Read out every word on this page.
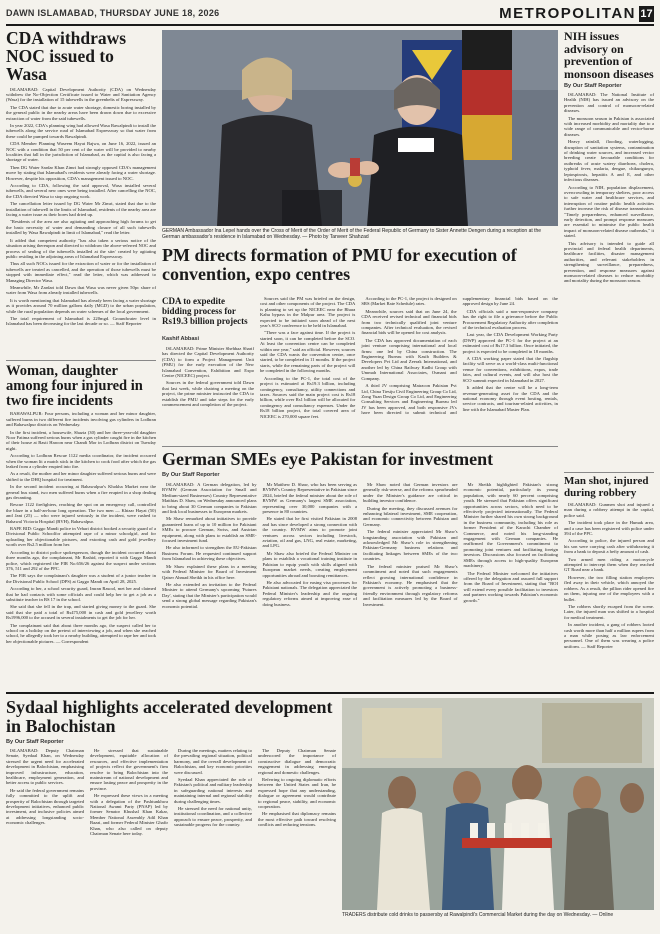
DAWN ISLAMABAD, THURSDAY JUNE 18, 2026	METROPOLITAN 17
CDA withdraws NOC issued to Wasa

ISLAMABAD: Capital Development Authority (CDA) on Wednesday withdrew the No-Objection Certificate issued to Water and Sanitation Agency (Wasa) for the installation of 15 tubewells in the greenbelts of Expressway.

The CDA stated that due to acute water shortage, domestic boring installed by the general public in the nearby areas have been drawn down due to excessive extraction of water from the said tubewells.

In year 2022, CDA's planning wing had allowed Wasa Rawalpindi to install the tubewells along the service road of Islamabad Expressway so that water from these could be pumped towards Rawalpindi.

CDA Member Planning Waseem Hayat Bajwa, on June 16, 2022, issued an NOC with a condition that 50 per cent of the water will be provided to nearby localities that fall in the jurisdiction of Islamabad, as the capital is also facing a shortage of water.

Then DG Water Sardar Khan Zimri had strongly opposed CDA's management move by stating that Islamabad's residents were already facing a water shortage. However, despite his opposition, CDA's management issued to NOC.

According to CDA, following the said approval, Wasa installed several tubewells, and several new ones were being installed. After cancelling the NOC, the CDA directed Wasa to stop ongoing work.

The cancellation letter issued by DG Water Mr Zimri, stated that due to the installation of tubewell in the limits of Islamabad, residents of the nearby area are facing a water issue as their bores had dried up.

"Residents of the area are also agitating and approaching high forums to get the basic necessity of water and demanding closure of all such tubewells installed by Wasa Rawalpindi in limit of Islamabad," read the letter.

It added that competent authority "has also taken a serious notice of the situation arising thereupon and directed to withdraw the above-referred NOC and process of sealing of the tubewells installed at the site/ created by agitating public residing in the adjoining areas of Islamabad Expressway.

Thus all such NOCs issued for the extraction of water or for the installation of tubewells are treated as cancelled, and the operation of those tubewells must be stopped with immediate effect," read the letter, which was addressed to Managing Director Wasa.

Meanwhile, Mr Zardari told Dawn that Wasa was never given 50pc share of water from Wasa from already installed tubewells.

It is worth mentioning that Islamabad has already been facing a water shortage as it provides around 70 million gallons daily (MGD) to the urban population, while the rural population depends on water schemes of the local government.

The total requirement of Islamabad is 220mgd. Groundwater level in Islamabad has been decreasing for the last decade or so. — Staff Reporter

Woman, daughter among four injured in two fire incidents

BAHAWALPUR: Four persons, including a woman and her minor daughter, suffered burns in two different fire incidents involving gas cylinders in Lodhran and Bahawalpur districts on Wednesday.

In the first incident, a housewife, Shazia (30) and her three-year-old daughter Noor Fatima suffered serious burns when a gas cylinder caught fire in the kitchen of their house at Basti Haroon near Chandi Mor in Lodhran district on Tuesday night.

According to Lodhran Rescue 1122 media coordinator, the incident occurred when the woman lit a match stick in the kitchen to cook food after which the gas leaked from a cylinder erupted into fire.

As a result, the mother and her minor daughter suffered serious burns and were shifted to the DHQ hospital for treatment.

In the second incident occurring at Bahawalpur's Khokha Market near the general bus stand, two men suffered burns when a fire erupted in a shop dealing gas decanting.

Rescue 1122 firefighters, reaching the spot on an emergency call, controlled the blaze in a half-an-hour long operation. The two men — Khizar Hayat (50) and Jani (25) — who were injured seriously in the incident, were rushed to Bahawal Victoria Hospital (BVH), Bahawalpur.

RAPE BID: Gaggo Mandi police in Vehari district booked a security guard of a Divisional Public Schoolfor attempted rape of a minor schoolgirl, and for uploading her objectionable pictures, and extorting cash and gold jewellery worth over Rs2.5 million from her.

According to district police spokesperson, though the incident occurred about three months ago, the complainant, Mr Rashid, reported it with Gaggo Mandi police, which registered the FIR No.656/26 against the suspect under sections 376, 511 and 292 of the PPC.

The FIR says the complainant's daughter was a student of a junior teacher in the Divisional Public School (DPS) at Gaggo Mandi on April 28, 2025.

According to her, a school security guard, Imran Rasool, met her and claimed that he had contacts with some officials and could help her to get a job as a substitute teacher in BS 17 in the school.

She said that she fell in the trap, and started giving money to the guard. She said that she paid a total of Rs475,000 in cash and gold jewellery worth Rs1996,000 to the accused in several instalments to get the job for her.

The complainant said that about three months ago, the suspect called her to school on a holiday on the pretext of interviewing a job, and when she reached school, he allegedly took her to a nearby building, attempted to rape her and took her objectionable pictures. — Correspondent

GERMAN Ambassador Ina Lepel hands over the Cross of Merit of the Order of Merit of the Federal Republic of Germany to Sister Annette Dengen during a reception at the German ambassador's residence in Islamabad on Wednesday. — Photo by Tanveer Shahzad
NIH issues advisory on prevention of monsoon diseases
By Our Staff Reporter

ISLAMABAD: The National Institute of Health (NIH) has issued an advisory on the prevention and control of monsoon-related diseases.

The monsoon season in Pakistan is associated with increased morbidity and mortality due to a wide range of communicable and vector-borne diseases.

Heavy rainfall, flooding, waterlogging, disruption of sanitation systems, contamination of drinking water sources, and increased vector breeding create favourable conditions for outbreaks of acute watery diarrhoea, cholera, typhoid fever, malaria, dengue, chikungunya, leptospirosis, hepatitis A and E, and other infectious diseases.

According to NIH, population displacement, overcrowding in temporary shelters, poor access to safe water and healthcare services, and interruption of routine public health activities further increase the risk of disease transmission. "Timely preparedness, enhanced surveillance, early detection, and prompt response measures are essential to minimise the public health impact of monsoon-related disease outbreaks," it stated.

This advisory is intended to guide all provincial and federal health departments, healthcare facilities, disaster management authorities, and relevant stakeholders in strengthening surveillance, preparedness, prevention, and response measures against monsoon-related diseases to reduce morbidity and mortality during the monsoon season.

Man shot, injured during robbery

ISLAMABAD: Gunmen shot and injured a man during a robbery attempt in the capital, police said.

The incident took place in the Humak area, and a case has been registered with police under 394 of the PPC.

According to police, the injured person and his son were carrying cash after withdrawing it from a bank to deposit a hefty amount of cash.

Two armed men riding a motorcycle attempted to intercept them when they reached GT Road near a bank.

However, the two filling station employees fled away in their vehicle, which annoyed the robbers. As a result, the pillion rider opened fire on them, injuring one of the employees with a bullet.

The robbers shortly escaped from the scene. Later, the injured man was shifted to a hospital for medical treatment.

In another incident, a gang of robbers looted cash worth more than half a million rupees from a man while posing as law enforcement personnel. One of them was wearing a police uniform. — Staff Reporter

PM directs formation of PMU for execution of convention, expo centres
CDA to expedite bidding process for Rs19.3 billion projects
Kashif Abbasi

ISLAMABAD: Prime Minister Shehbaz Sharif has directed the Capital Development Authority (CDA) to form a Project Management Unit (PMU) for the early execution of the New Islamabad Convention, Exhibition and Expo Centre (NICEEC) project.

Sources in the federal government told Dawn that last week, while chairing a meeting on the project, the prime minister instructed the CDA to establish the PMU and take steps for the early commencement and completion of the project.

Sources said the PM was briefed on the design, cost and other components of the project. The CDA is planning to set up the NICEEC near the Bhara Kahu bypass in the Malpur area. The project is expected to be initiated soon ahead of the next year's SCO conference to be held in Islamabad.

"There was a face against time. If the project is started soon, it can be completed before the SCO. At least the convention centre can be completed within one year," said an official. However, sources said the CDA wants the convention centre, once started, to be completed in 11 months. If the project starts, while the remaining parts of the project will be completed in the following months.

According to the PC-1, the total cost of the project is estimated at Rs19.3 billion, including contingency, consultancy, utility connections and taxes. Sources said the main project cost is Rs18 billion, while over Rs1 billion will be allocated for contingency and consultancy expenses. Under the Rs18 billion project, the total covered area of NICEEC is 270,000 square feet.

According to the PC-1, the project is designed on SRS (Market Rate Schedule) rates.

Meanwhile, sources said that on June 24, the CDA received revised technical and financial bids from two technically qualified joint venture companies. After technical evaluation, the revised financial bids will be opened for cost analysis.

The CDA has approved documentation of each joint venture comprising international and local firms: one led by China construction. The Engineering Bureau with Kasib Builders & Developers Pvt Ltd and Zeerak International, and another led by China Railway Kadhi Group with Ummah International Associates, Osmani and Company.

A third JV comprising Matracon Pakistan Pvt Ltd, China Tiesiju Civil Engineering Group Co Ltd, Zong Yuan Design Group Co Ltd, and Engineering Consulting Services and Engineering Bureau led JV has been approved, and both responsive JVs have been directed to submit technical and supplementary financial bids based on the approved design by June 24.

CDA officials said a non-responsive company has the right to file a grievance before the Public Procurement Regulatory Authority after completion of the technical evaluation process.

Last year, the CDA Development Working Party (DWP) approved the PC-1 for the project at an estimated cost of Rs17.3 billion. Once initiated, the project is expected to be completed in 18 months.

A CDA working paper stated that the flagship facility will serve as a world-class multi-functional venue for conventions, exhibitions, expos, trade fairs, and cultural events, and will also host the SCO summit expected in Islamabad in 2027.

It added that the centre will be a long-term revenue-generating asset for the CDA and the national economy through event hosting, rentals, service contracts, and tourism-related activities, in line with the Islamabad Master Plan.

German SMEs eye Pakistan for investment
By Our Staff Reporter

ISLAMABAD: A German delegation, led by BVMW (German Association for Small and Medium-sized Businesses) Country Representative Matthias D. Shaw, on Wednesday announced plans to bring about 30 German companies to Pakistan and link local businesses to European markets.

Mr Shaw remarked about initiatives to provide guaranteed loans of up to 10 million for Pakistani SMEs to procure German, Swiss, and Austrian equipment, along with plans to establish an SME-focused investment fund.

He also informed to strengthen the EU-Pakistan Business Forum. He requested continued support from Islamabad in achieving these objectives.

Mr Shaw explained these plans in a meeting with Federal Minister for Board of Investment Qaiser Ahmad Sheikh in his office here.

He also extended an invitation to the Federal Minister to attend Germany's upcoming 'Futures Day', stating that the Minister's participation would send a strong global message regarding Pakistan's economic potential.

Mr Matthew D. Shaw, who has been serving as BVMW's Country Representative in Pakistan since 2024, briefed the federal minister about the role of BVMW as Germany's largest SME association, representing over 30,000 companies with a presence in 80 countries.

He stated that he first visited Pakistan in 2008 and has since developed a strong connection with the country. BVMW aims to promote joint ventures across sectors including livestock, aviation, oil and gas, LNG, real estate, marketing, and LPG.

Mr Shaw also briefed the Federal Minister on plans to establish a vocational training institute in Pakistan to equip youth with skills aligned with European market needs, creating employment opportunities abroad and boosting remittances.

He also advocated for easing visa processes for Pakistani nationals. The delegation appreciated the Federal Minister's leadership and the ongoing regulatory reforms aimed at improving ease of doing business.

Mr Shaw noted that German investors are generally risk-averse, and the reforms spearheaded under the Minister's guidance are critical in building investor confidence.

During the meeting, they discussed avenues for enhancing bilateral investment, SME cooperation, and economic connectivity between Pakistan and Germany.

The federal minister appreciated Mr Shaw's longstanding association with Pakistan and acknowledged Mr Shaw's role in strengthening Pakistan-Germany business relations and facilitating linkages between SMEs of the two countries.

The federal minister praised Mr Shaw's commitment and noted that such engagements reflect growing international confidence in Pakistan's economy. He emphasised that the government is actively promoting a business-friendly environment through regulatory reforms and facilitation measures led by the Board of Investment.

Mr Sheikh highlighted Pakistan's strong economic potential, particularly its young population, with nearly 60 percent comprising youth. He stressed that Pakistan offers significant opportunities across sectors, which need to be effectively projected internationally. The Federal Minister further shared his own strong background in the business community, including his role as former President of the Karachi Chamber of Commerce, and noted his long-standing engagement with German companies. He reaffirmed the Government's commitment to promoting joint ventures and facilitating foreign investors. Discussions also focused on facilitating SMEs through access to high-quality European machinery.

The Federal Minister welcomed the initiatives offered by the delegation and assured full support from the Board of Investment, stating that "BOI will extend every possible facilitation to investors and partners working towards Pakistan's economic growth."

Sydaal highlights accelerated development in Balochistan
By Our Staff Reporter

ISLAMABAD: Deputy Chairman Senate, Syedaal Khan, on Wednesday stressed the urgent need for accelerated development in Balochistan, emphasising improved infrastructure, education, healthcare, employment generation, and better access to public services.

He said the federal government remains fully committed to the uplift and prosperity of Balochistan through targeted development initiatives, enhanced public investment, and inclusive policies aimed at addressing longstanding socio-economic challenges.

He stressed that sustainable development, equitable allocation of resources, and effective implementation of projects reflect the government's firm resolve to bring Balochistan into the mainstream of national development and ensure lasting peace and prosperity in the province.

He expressed these views in a meeting with a delegation of the Pashtunkhwa National Awami Party (PNAP) led by former Senator Khushal Khan Kakar, Member National Assembly Adil Khan Bazai, and former Federal Minister Ghafir Khan, who also called on deputy Chairman Senate here today.

During the meetings, matters relating to the prevailing regional situation, political harmony, and the overall development of Balochistan, and key economic priorities were discussed.

Syedaal Khan appreciated the role of Pakistan's political and military leadership in safeguarding national interests and maintaining internal and regional stability during challenging times.

He stressed the need for national unity, institutional coordination, and a collective approach to ensure peace, prosperity, and sustainable progress for the country.

The Deputy Chairman Senate underscored the importance of constructive dialogue and democratic engagement in addressing emerging regional and domestic challenges.

Referring to ongoing diplomatic efforts between the United States and Iran, he expressed hope that any understanding, dialogue or agreement would contribute to regional peace, stability, and economic cooperation.

He emphasised that diplomacy remains the most effective path toward resolving conflicts and reducing tensions.

TRADERS distribute cold drinks to passersby at Rawalpindi's Commercial Market during the day on Wednesday. — Online
